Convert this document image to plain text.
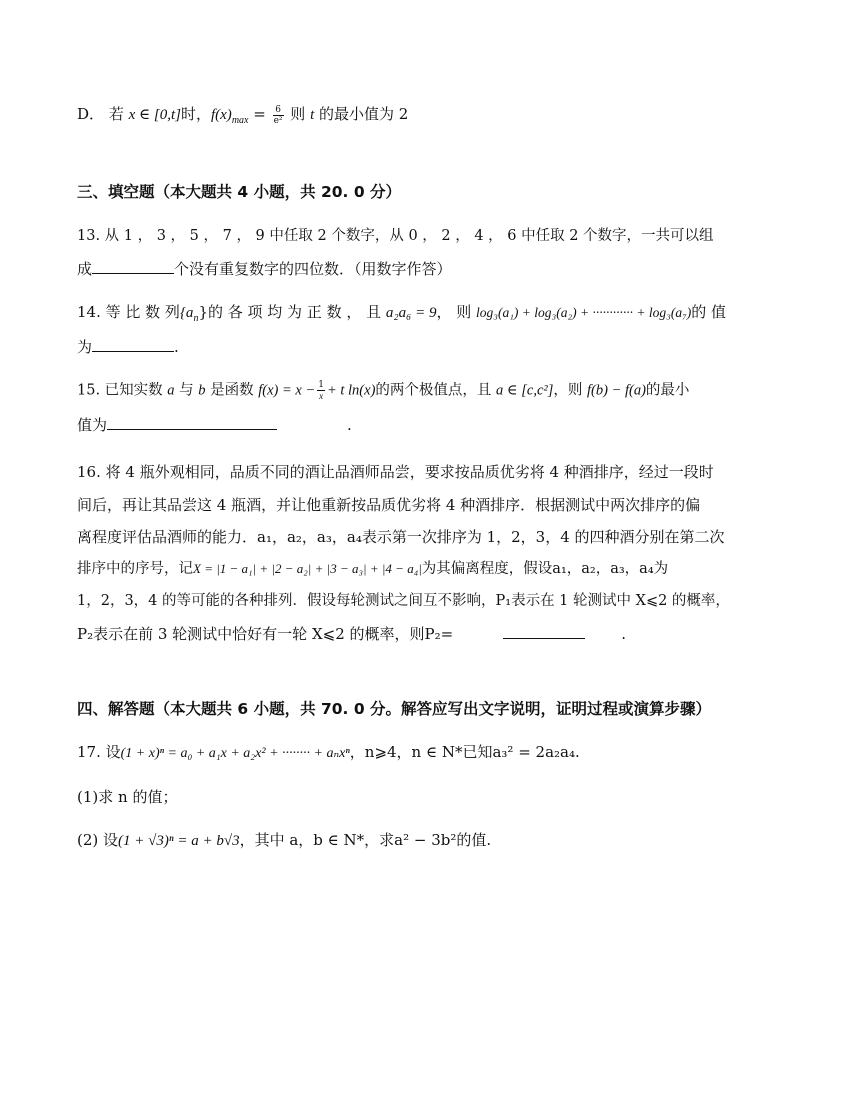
D． 若 x ∈ [0,t]时，$f(x)_{max} = \frac{6}{\text{e²}}$ 则 t 的最小值为 2
三、填空题（本大题共 4 小题，共 20. 0 分）
13. 从 1 ， 3 ， 5 ， 7 ， 9 中任取 2 个数字，从 0 ， 2 ， 4 ， 6 中任取 2 个数字，一共可以组
成	个没有重复数字的四位数．（用数字作答）
14. 等 比 数 列$\{a_n\}$的 各 项 均 为 正 数 ， 且 a₂a₆ = 9， 则 log₃(a₁) + log₃(a₂) + ············ + log₃(a₇)的 值
为	.
15. 已知实数 a 与 b 是函数 $f(x) = x - \frac{1}{x} + t$ ln(x)的两个极值点，且 a ∈ [c,c²]，则 f(b) − f(a)的最小
值为	.
16. 将 4 瓶外观相同，品质不同的酒让品酒师品尝，要求按品质优劣将 4 种酒排序，经过一段时
间后，再让其品尝这 4 瓶酒，并让他重新按品质优劣将 4 种酒排序．根据测试中两次排序的偏
离程度评估品酒师的能力．a₁，a₂，a₃，a₄表示第一次排序为 1，2，3，4 的四种酒分别在第二次
排序中的序号，记X = |1 − a₁| + |2 − a₂| + |3 − a₃| + |4 − a₄|为其偏离程度，假设a₁，a₂，a₃，a₄为
1，2，3，4 的等可能的各种排列．假设每轮测试之间互不影响，P₁表示在 1 轮测试中 X⩽2 的概率，
P₂表示在前 3 轮测试中恰好有一轮 X⩽2 的概率，则P₂=	.
四、解答题（本大题共 6 小题，共 70. 0 分。解答应写出文字说明，证明过程或演算步骤）
17. 设(1 + x)ⁿ = a₀ + a₁x + a₂x² + ········ + aₙxⁿ，n⩾4，n ∈ N*已知a₃² = 2a₂a₄.
(1)求 n 的值；
(2) 设(1 + √3)ⁿ = a + b√3，其中 a，b ∈ N*，求a² − 3b²的值.
